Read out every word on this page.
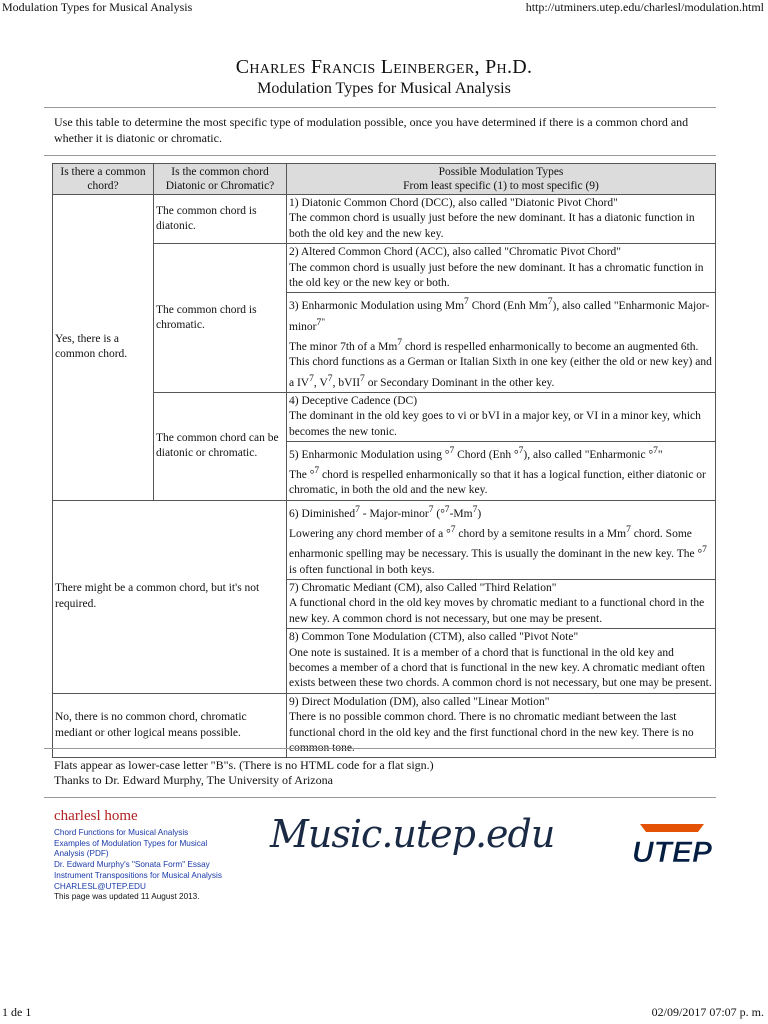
Modulation Types for Musical Analysis	http://utminers.utep.edu/charlesl/modulation.html
Charles Francis Leinberger, Ph.D.
Modulation Types for Musical Analysis
Use this table to determine the most specific type of modulation possible, once you have determined if there is a common chord and whether it is diatonic or chromatic.
Is there a common chord?	Is the common chord Diatonic or Chromatic?	Possible Modulation Types
From least specific (1) to most specific (9)
Yes, there is a common chord.	The common chord is diatonic.	1) Diatonic Common Chord (DCC), also called "Diatonic Pivot Chord"
The common chord is usually just before the new dominant. It has a diatonic function in both the old key and the new key.
	The common chord is chromatic.	2) Altered Common Chord (ACC), also called "Chromatic Pivot Chord"
The common chord is usually just before the new dominant. It has a chromatic function in the old key or the new key or both.
		3) Enharmonic Modulation using Mm$^7$ Chord (Enh Mm$^7$), also called "Enharmonic Major-minor$^{7"}$
The minor 7th of a Mm$^7$ chord is respelled enharmonically to become an augmented 6th. This chord functions as a German or Italian Sixth in one key (either the old or new key) and a $IV^7$, $V^7$, bVII$^7$ or Secondary Dominant in the other key.
	The common chord can be diatonic or chromatic.	4) Deceptive Cadence (DC)
The dominant in the old key goes to vi or bVI in a major key, or VI in a minor key, which becomes the new tonic.
		5) Enharmonic Modulation using °$^7$ Chord (Enh °$^7$), also called "Enharmonic °$^7$"
The °$^7$ chord is respelled enharmonically so that it has a logical function, either diatonic or chromatic, in both the old and the new key.
There might be a common chord, but it's not required.		6) Diminished$^7$ - Major-minor$^7$ (°$^7$-Mm$^7$)
Lowering any chord member of a °$^7$ chord by a semitone results in a Mm$^7$ chord. Some enharmonic spelling may be necessary. This is usually the dominant in the new key. The °$^7$ is often functional in both keys.
		7) Chromatic Mediant (CM), also Called "Third Relation"
A functional chord in the old key moves by chromatic mediant to a functional chord in the new key. A common chord is not necessary, but one may be present.
		8) Common Tone Modulation (CTM), also called "Pivot Note"
One note is sustained. It is a member of a chord that is functional in the old key and becomes a member of a chord that is functional in the new key. A chromatic mediant often exists between these two chords. A common chord is not necessary, but one may be present.
No, there is no common chord, chromatic mediant or other logical means possible.		9) Direct Modulation (DM), also called "Linear Motion"
There is no possible common chord. There is no chromatic mediant between the last functional chord in the old key and the first functional chord in the new key. There is no common tone.
Flats appear as lower-case letter "B"s. (There is no HTML code for a flat sign.)
Thanks to Dr. Edward Murphy, The University of Arizona
charlesl home
Chord Functions for Musical Analysis
Examples of Modulation Types for Musical
Analysis (PDF)
Dr. Edward Murphy's "Sonata Form" Essay
Instrument Transpositions for Musical Analysis
CHARLESL@UTEP.EDU
This page was updated 11 August 2013.
Music.utep.edu	UTEP
1 de 1	02/09/2017 07:07 p. m.
